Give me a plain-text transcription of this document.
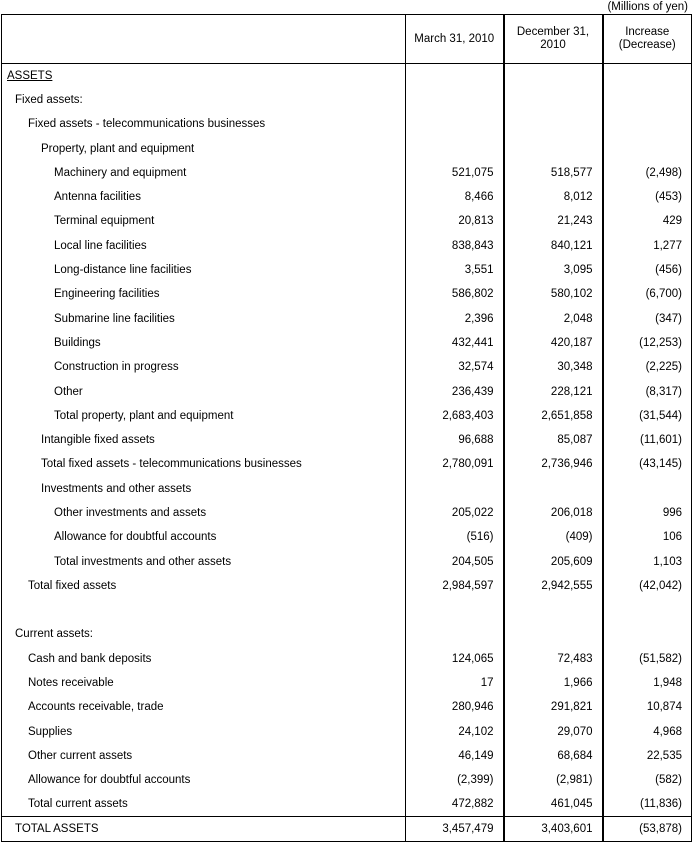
(Millions of yen)
	March 31, 2010	December 31, 2010	Increase
(Decrease)

ASSETS			
Fixed assets:			
Fixed assets - telecommunications businesses			
Property, plant and equipment			
Machinery and equipment	521,075	518,577	(2,498)
Antenna facilities	8,466	8,012	(453)
Terminal equipment	20,813	21,243	429
Local line facilities	838,843	840,121	1,277
Long-distance line facilities	3,551	3,095	(456)
Engineering facilities	586,802	580,102	(6,700)
Submarine line facilities	2,396	2,048	(347)
Buildings	432,441	420,187	(12,253)
Construction in progress	32,574	30,348	(2,225)
Other	236,439	228,121	(8,317)
Total property, plant and equipment	2,683,403	2,651,858	(31,544)
Intangible fixed assets	96,688	85,087	(11,601)
Total fixed assets - telecommunications businesses	2,780,091	2,736,946	(43,145)
Investments and other assets			
Other investments and assets	205,022	206,018	996
Allowance for doubtful accounts	(516)	(409)	106
Total investments and other assets	204,505	205,609	1,103
Total fixed assets	2,984,597	2,942,555	(42,042)

Current assets:			
Cash and bank deposits	124,065	72,483	(51,582)
Notes receivable	17	1,966	1,948
Accounts receivable, trade	280,946	291,821	10,874
Supplies	24,102	29,070	4,968
Other current assets	46,149	68,684	22,535
Allowance for doubtful accounts	(2,399)	(2,981)	(582)
Total current assets	472,882	461,045	(11,836)
TOTAL ASSETS	3,457,479	3,403,601	(53,878)
